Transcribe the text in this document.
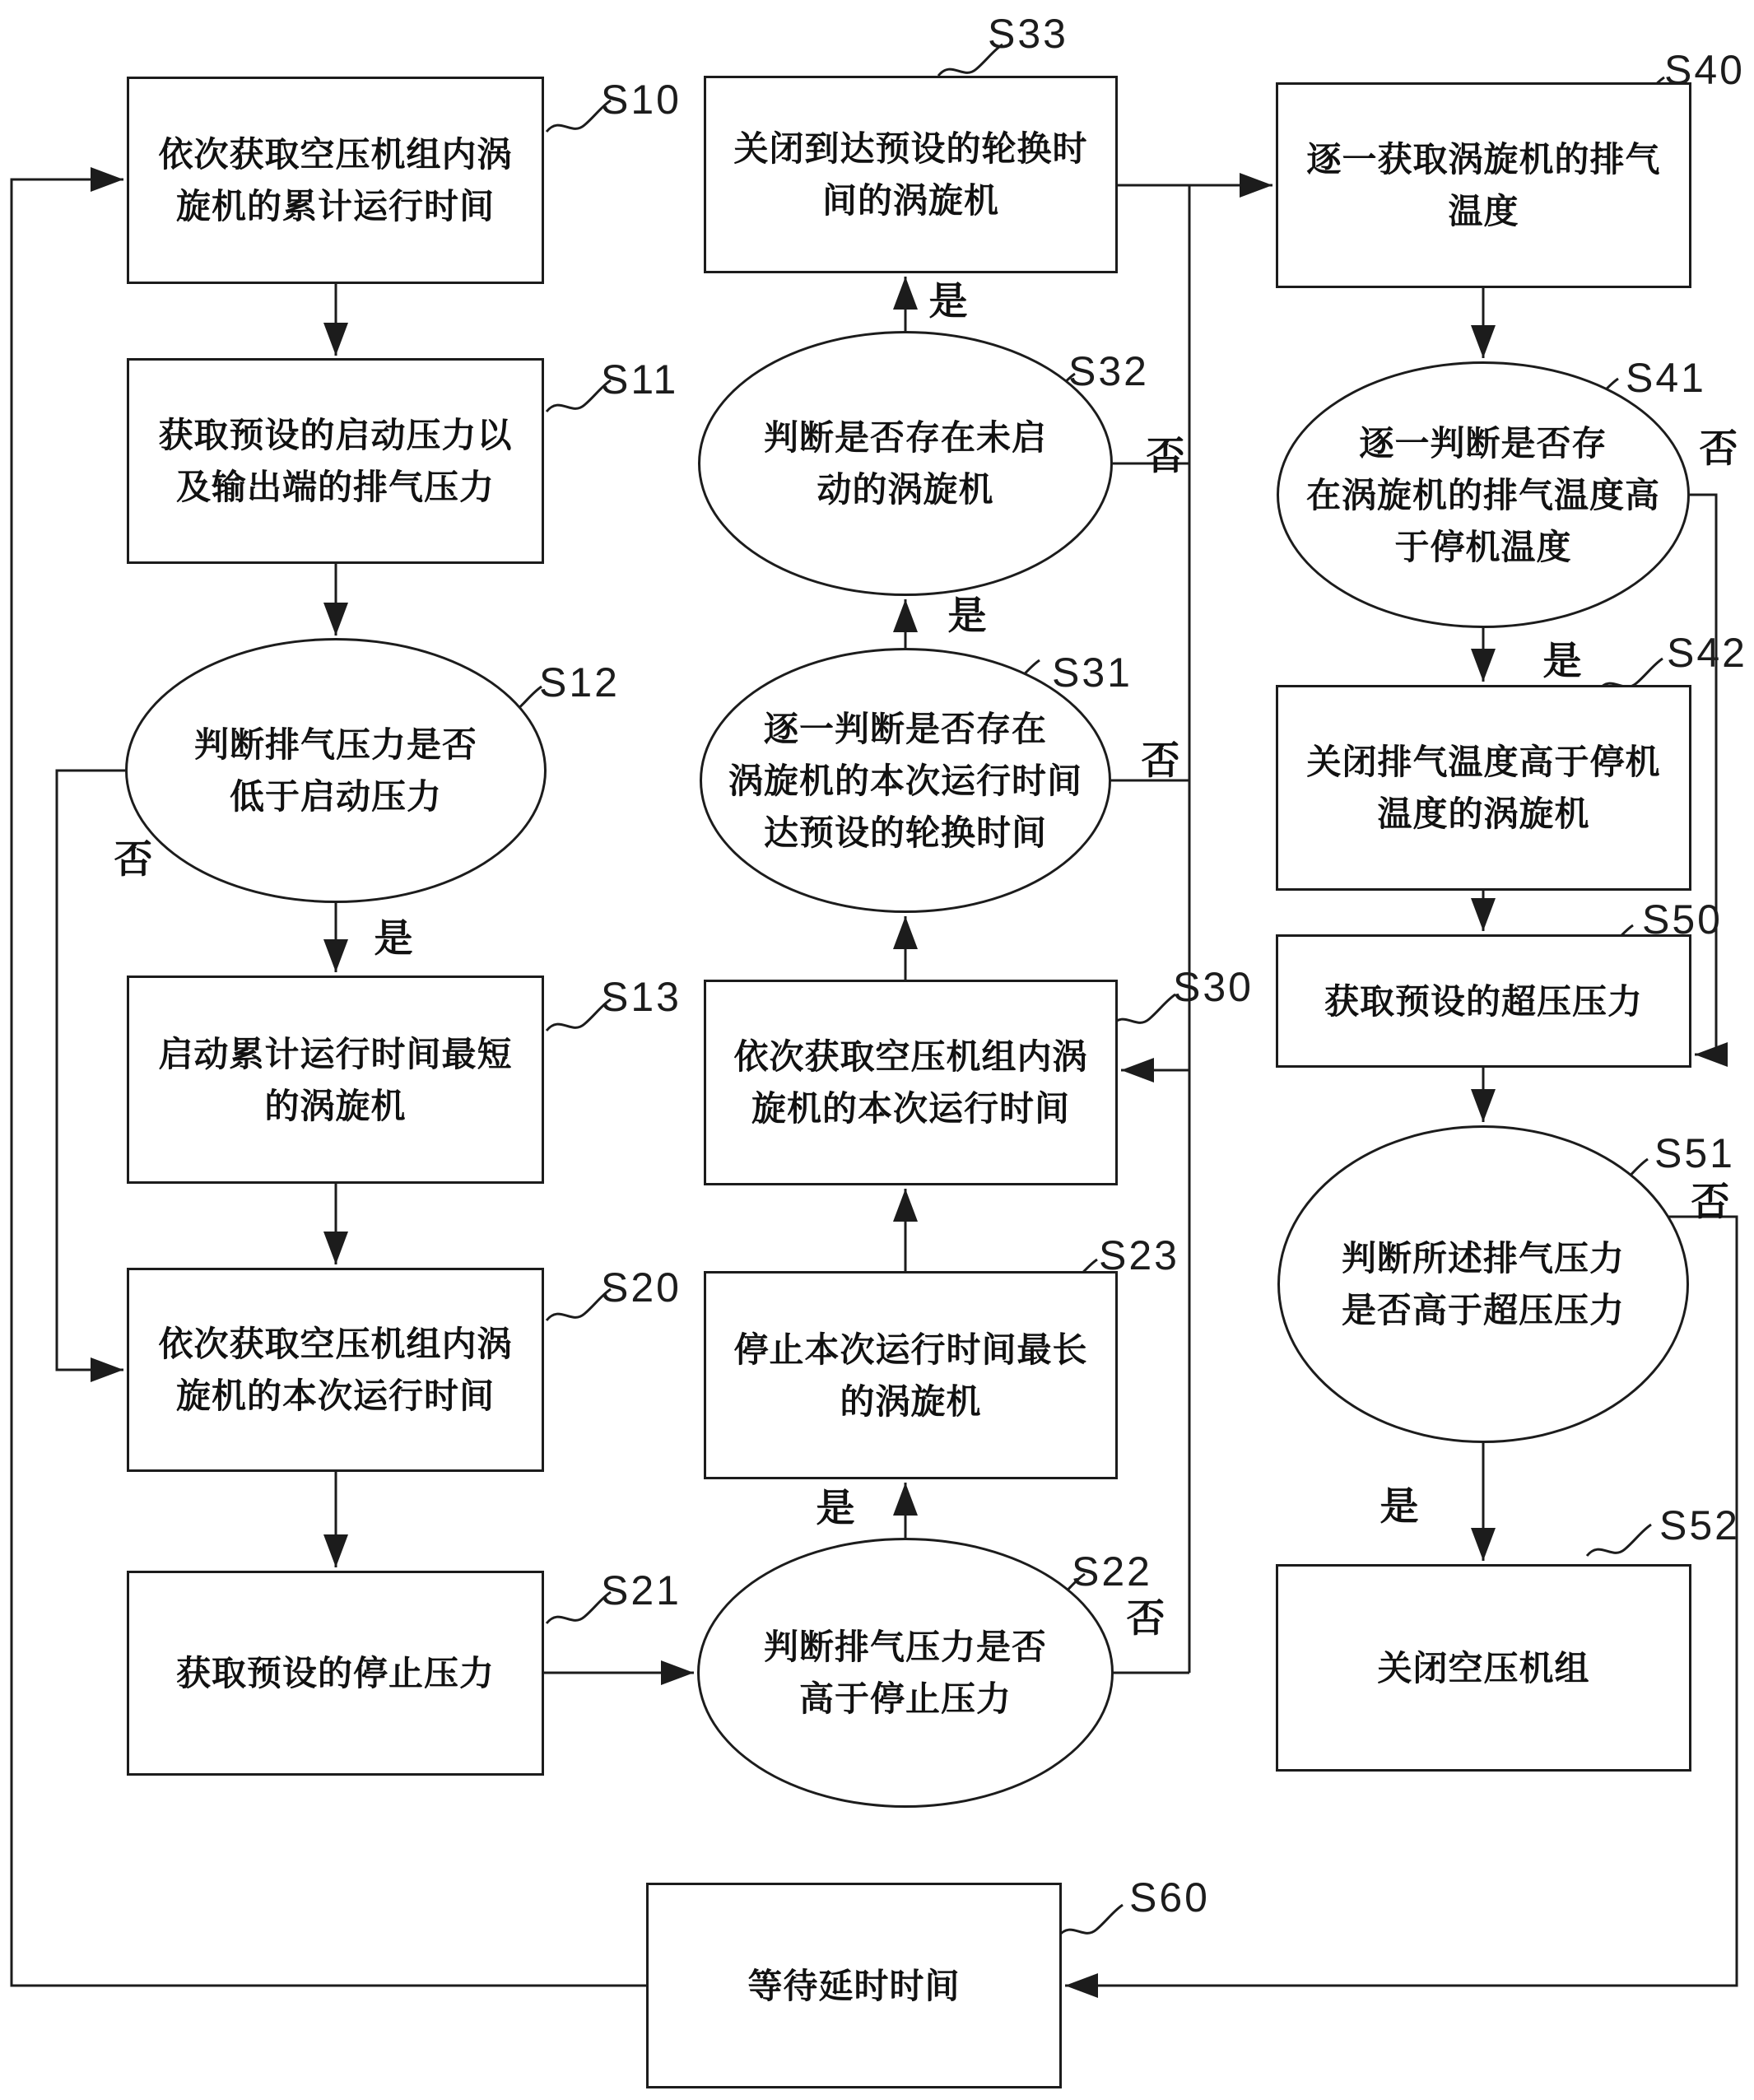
依次获取空压机组内涡
旋机的累计运行时间
获取预设的启动压力以
及输出端的排气压力
判断排气压力是否
低于启动压力
启动累计运行时间最短
的涡旋机
依次获取空压机组内涡
旋机的本次运行时间
获取预设的停止压力
关闭到达预设的轮换时
间的涡旋机
判断是否存在未启
动的涡旋机
逐一判断是否存在
涡旋机的本次运行时间
达预设的轮换时间
依次获取空压机组内涡
旋机的本次运行时间
停止本次运行时间最长
的涡旋机
判断排气压力是否
高于停止压力
等待延时时间
逐一获取涡旋机的排气
温度
逐一判断是否存
在涡旋机的排气温度高
于停机温度
关闭排气温度高于停机
温度的涡旋机
获取预设的超压压力
判断所述排气压力
是否高于超压压力
关闭空压机组
S10
S11
S12
S13
S20
S21	S22
S23
S30
S31
S32
S33
S40
S41
S42
S50
S51
S52
S60
是
否
是
否
是
否
是
否
是
否
是
否
